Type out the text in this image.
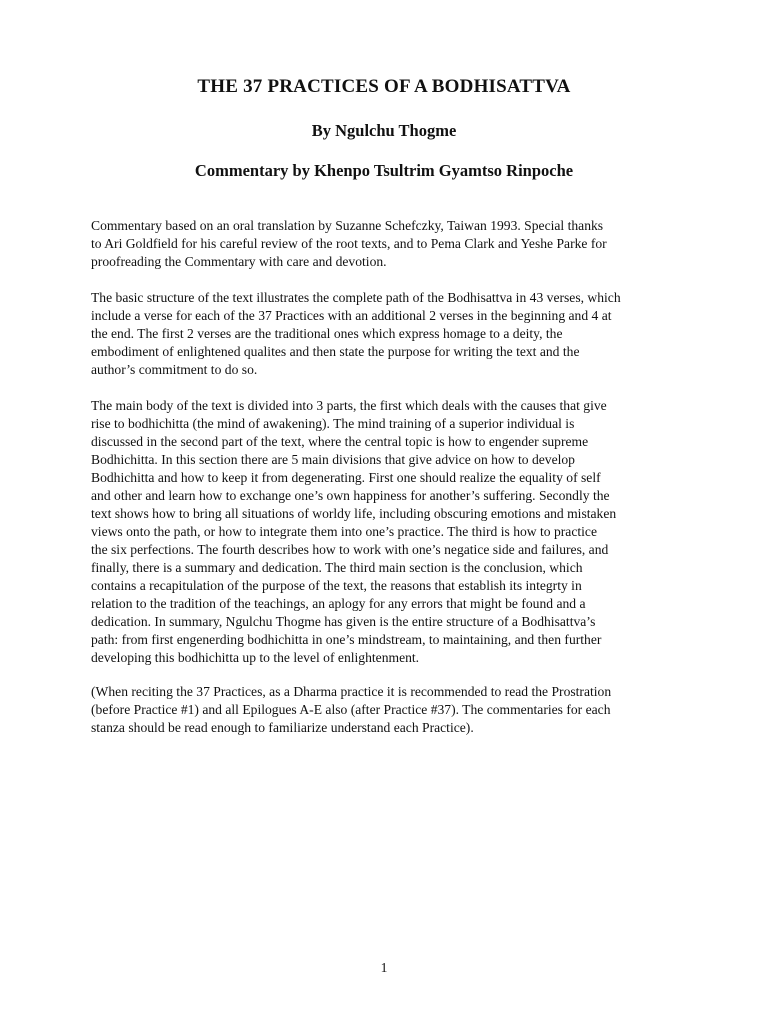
THE 37 PRACTICES OF A BODHISATTVA
By Ngulchu Thogme
Commentary by Khenpo Tsultrim Gyamtso Rinpoche

Commentary based on an oral translation by Suzanne Schefczky, Taiwan 1993. Special thanks
to Ari Goldfield for his careful review of the root texts, and to Pema Clark and Yeshe Parke for
proofreading the Commentary with care and devotion.

The basic structure of the text illustrates the complete path of the Bodhisattva in 43 verses, which
include a verse for each of the 37 Practices with an additional 2 verses in the beginning and 4 at
the end. The first 2 verses are the traditional ones which express homage to a deity, the
embodiment of enlightened qualites and then state the purpose for writing the text and the
author’s commitment to do so.

The main body of the text is divided into 3 parts, the first which deals with the causes that give
rise to bodhichitta (the mind of awakening). The mind training of a superior individual is
discussed in the second part of the text, where the central topic is how to engender supreme
Bodhichitta. In this section there are 5 main divisions that give advice on how to develop
Bodhichitta and how to keep it from degenerating. First one should realize the equality of self
and other and learn how to exchange one’s own happiness for another’s suffering. Secondly the
text shows how to bring all situations of worldy life, including obscuring emotions and mistaken
views onto the path, or how to integrate them into one’s practice. The third is how to practice
the six perfections. The fourth describes how to work with one’s negatice side and failures, and
finally, there is a summary and dedication. The third main section is the conclusion, which
contains a recapitulation of the purpose of the text, the reasons that establish its integrty in
relation to the tradition of the teachings, an aplogy for any errors that might be found and a
dedication. In summary, Ngulchu Thogme has given is the entire structure of a Bodhisattva’s
path: from first engenerding bodhichitta in one’s mindstream, to maintaining, and then further
developing this bodhichitta up to the level of enlightenment.

(When reciting the 37 Practices, as a Dharma practice it is recommended to read the Prostration
(before Practice #1) and all Epilogues A-E also (after Practice #37). The commentaries for each
stanza should be read enough to familiarize understand each Practice).

1
